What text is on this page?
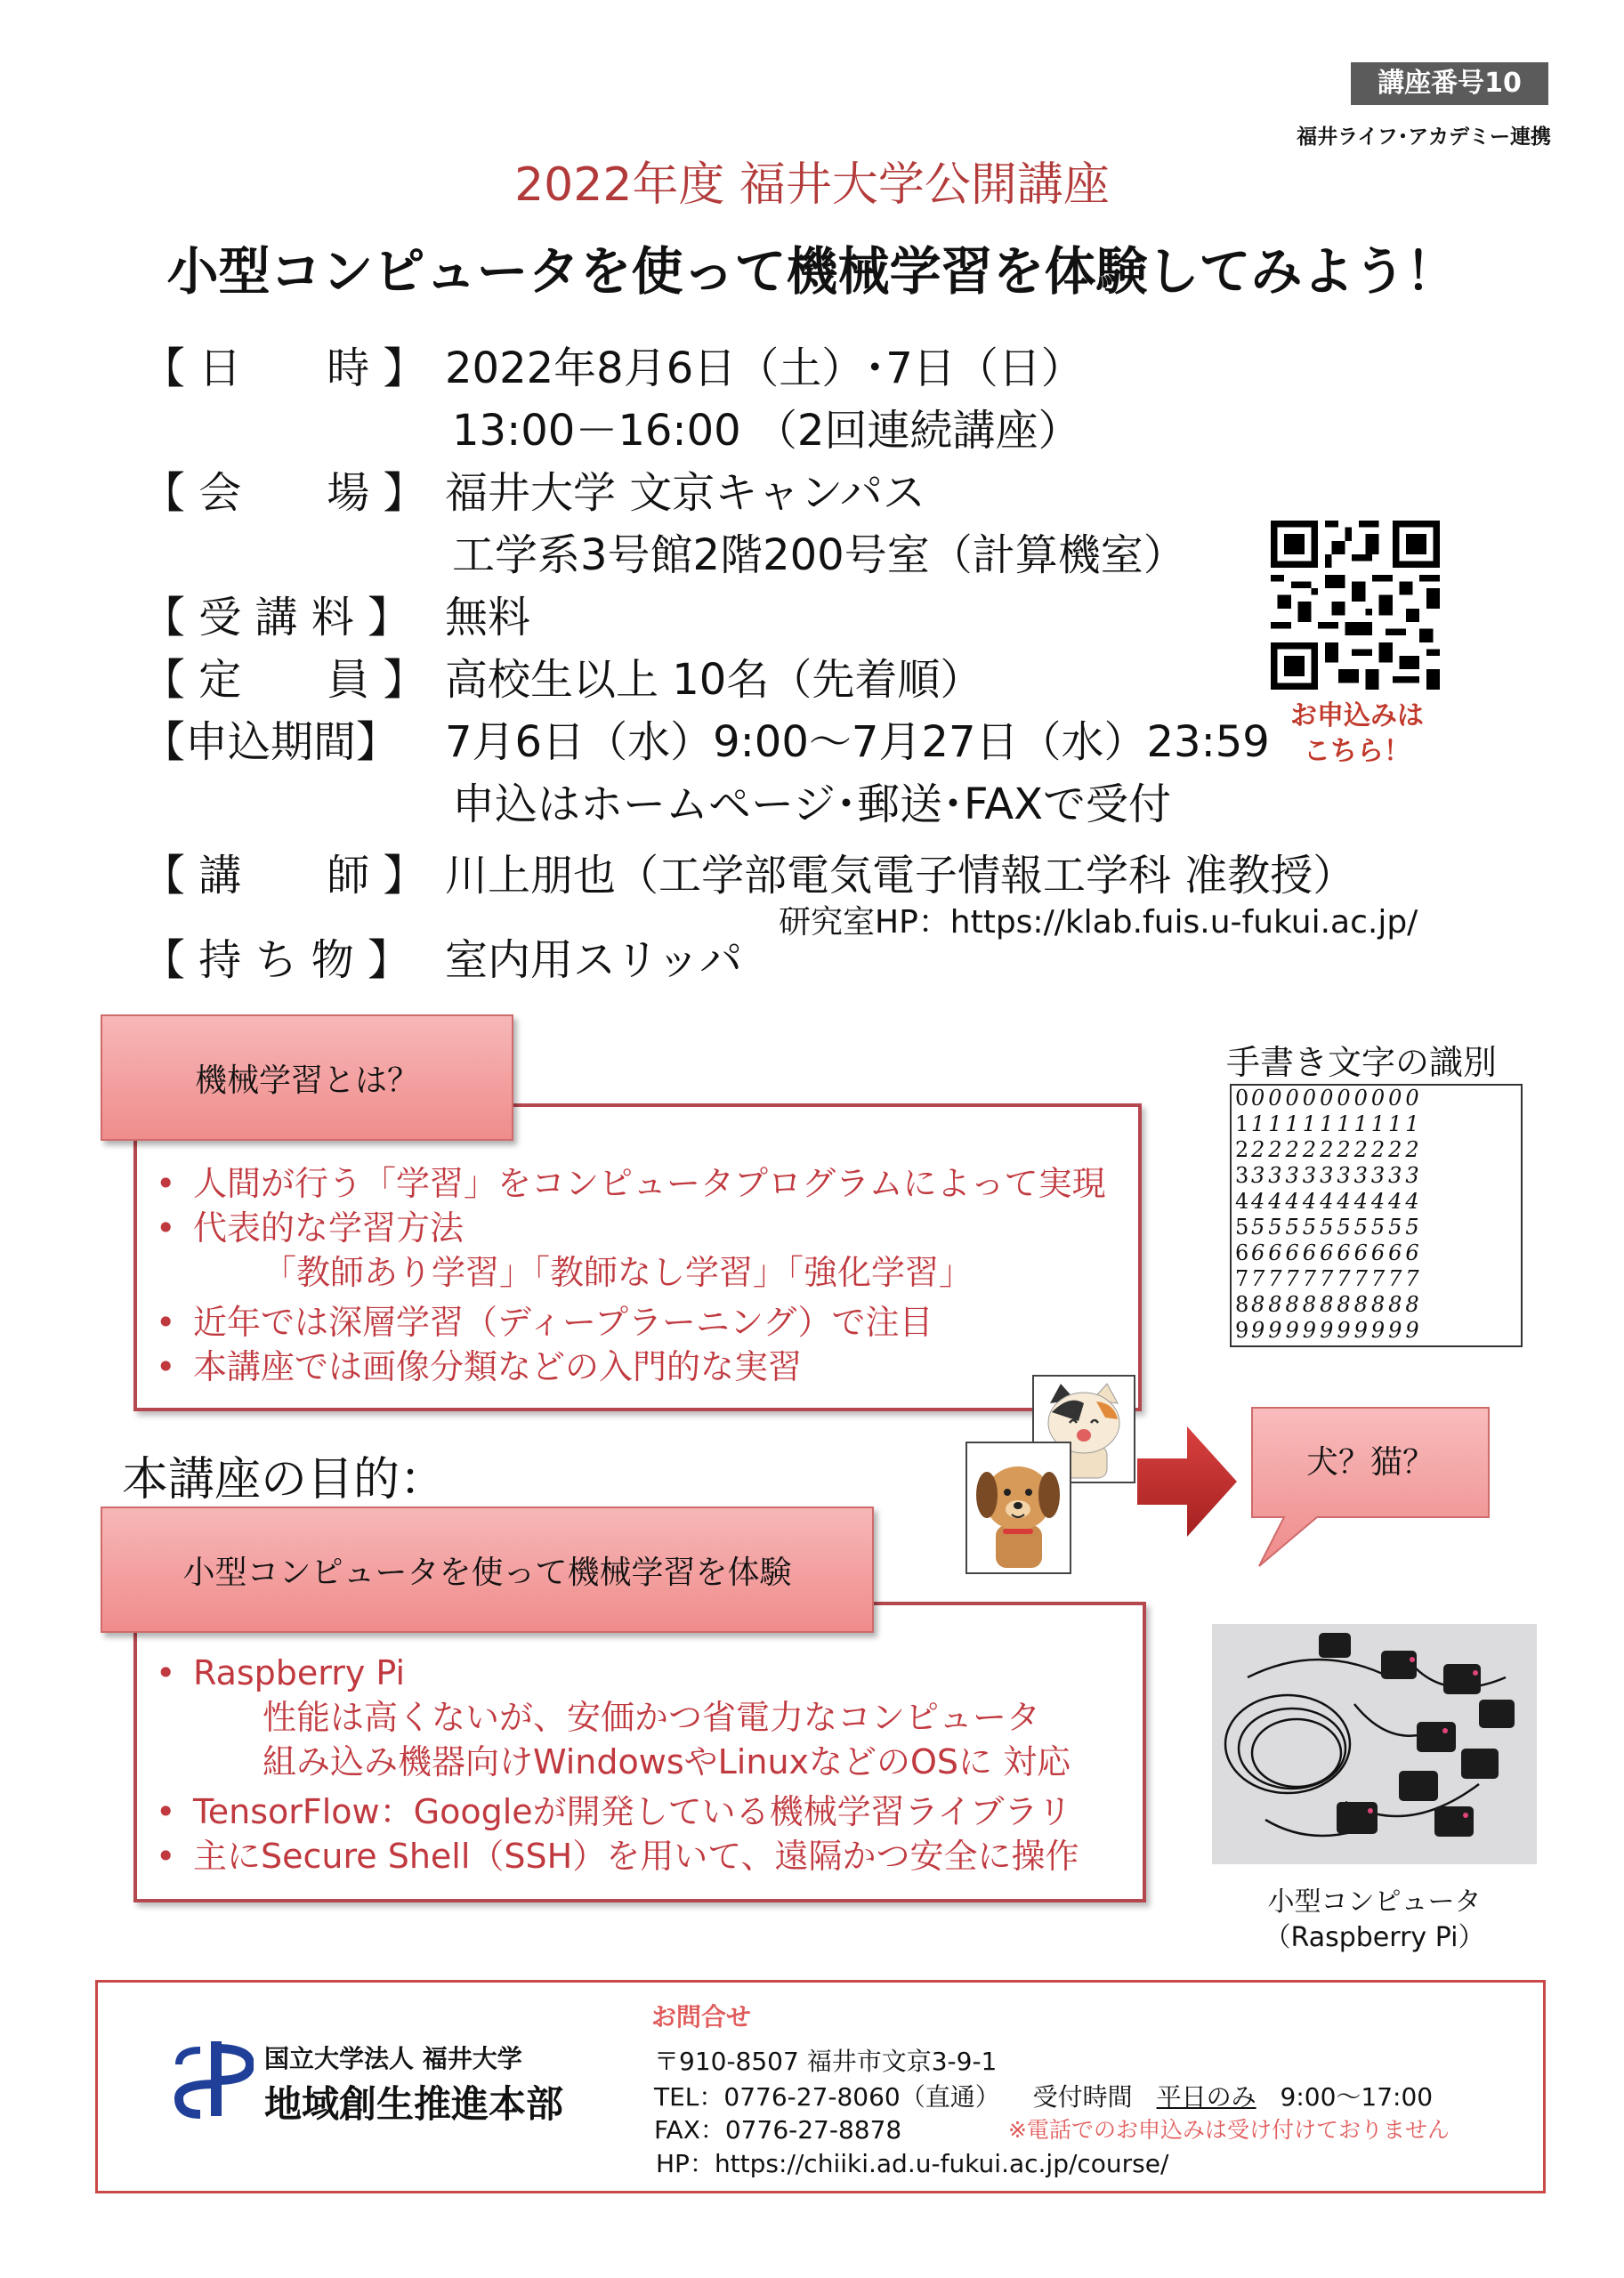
講座番号10
福井ライフ･アカデミー連携
2022年度 福井大学公開講座
小型コンピュータを使って機械学習を体験してみよう！
【 日　　時 】 2022年8月6日（土）･7日（日）
13:00－16:00 （2回連続講座）
【 会　　場 】 福井大学 文京キャンパス
工学系3号館2階200号室（計算機室）
【 受 講 料 】 無料
【 定　　員 】 高校生以上 10名（先着順）
【申込期間】 7月6日（水）9:00～7月27日（水）23:59
申込はホームページ･郵送･FAXで受付
【 講　　師 】 川上朋也（工学部電気電子情報工学科 准教授）
研究室HP：https://klab.fuis.u-fukui.ac.jp/
【 持 ち 物 】 室内用スリッパ
お申込みは
こちら！
機械学習とは？
• 人間が行う「学習」をコンピュータプログラムによって実現
• 代表的な学習方法
「教師あり学習」「教師なし学習」「強化学習」
• 近年では深層学習（ディープラーニング）で注目
• 本講座では画像分類などの入門的な実習
手書き文字の識別
0 0000000000
1 1111111111
2 2222222222
3 3333333333
4 4444444444
5 5555555555
6 6666666666
7 7777777777
8 8888888888
9 9999999999
本講座の目的：
小型コンピュータを使って機械学習を体験
• Raspberry Pi
性能は高くないが、安価かつ省電力なコンピュータ
組み込み機器向けWindowsやLinuxなどのOSに 対応
• TensorFlow：Googleが開発している機械学習ライブラリ
• 主にSecure Shell（SSH）を用いて、遠隔かつ安全に操作
犬？猫？
小型コンピュータ
（Raspberry Pi）
国立大学法人 福井大学
地域創生推進本部
お問合せ
〒910-8507 福井市文京3-9-1
TEL：0776-27-8060（直通） 受付時間 平日のみ 9:00～17:00
FAX：0776-27-8878	※電話でのお申込みは受け付けておりません
HP：https://chiiki.ad.u-fukui.ac.jp/course/
